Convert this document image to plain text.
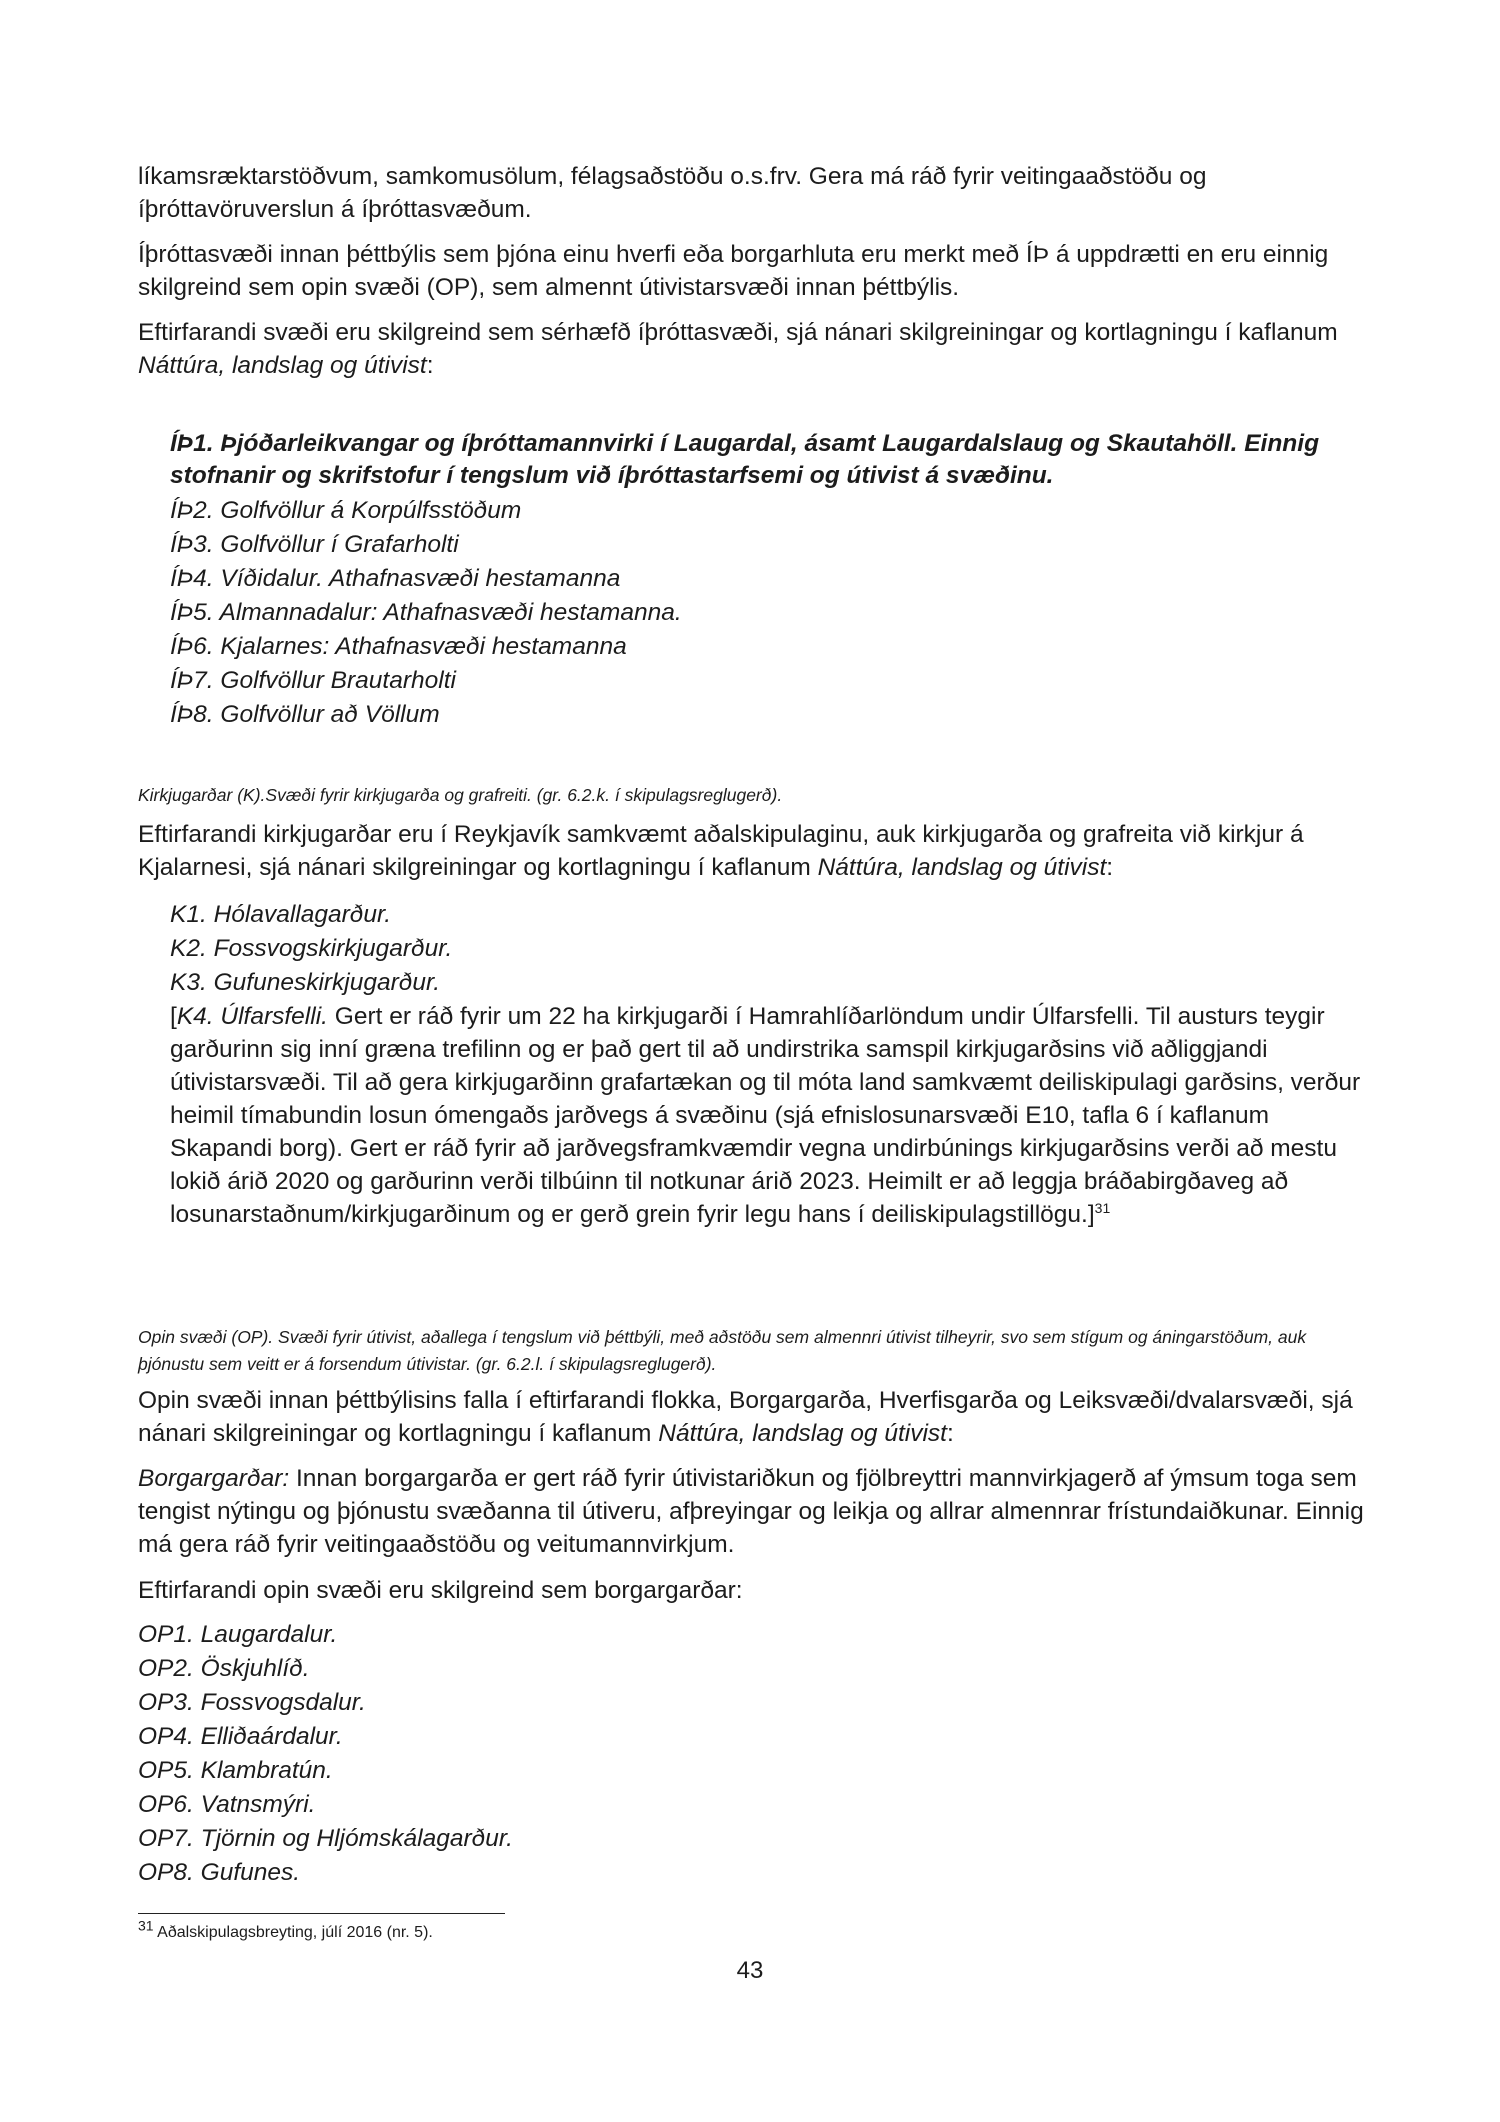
líkamsræktarstöðvum, samkomusölum, félagsaðstöðu o.s.frv. Gera má ráð fyrir veitingaaðstöðu og íþróttavöruverslun á íþróttasvæðum.

Íþróttasvæði innan þéttbýlis sem þjóna einu hverfi eða borgarhluta eru merkt með ÍÞ á uppdrætti en eru einnig skilgreind sem opin svæði (OP), sem almennt útivistarsvæði innan þéttbýlis.

Eftirfarandi svæði eru skilgreind sem sérhæfð íþróttasvæði, sjá nánari skilgreiningar og kortlagningu í kaflanum Náttúra, landslag og útivist:

ÍÞ1. Þjóðarleikvangar og íþróttamannvirki í Laugardal, ásamt Laugardalslaug og Skautahöll. Einnig stofnanir og skrifstofur í tengslum við íþróttastarfsemi og útivist á svæðinu.

ÍÞ2. Golfvöllur á Korpúlfsstöðum
ÍÞ3. Golfvöllur í Grafarholti
ÍÞ4. Víðidalur. Athafnasvæði hestamanna
ÍÞ5. Almannadalur: Athafnasvæði hestamanna.
ÍÞ6. Kjalarnes: Athafnasvæði hestamanna
ÍÞ7. Golfvöllur Brautarholti
ÍÞ8. Golfvöllur að Völlum

Kirkjugarðar (K).Svæði fyrir kirkjugarða og grafreiti. (gr. 6.2.k. í skipulagsreglugerð).

Eftirfarandi kirkjugarðar eru í Reykjavík samkvæmt aðalskipulaginu, auk kirkjugarða og grafreita við kirkjur á Kjalarnesi, sjá nánari skilgreiningar og kortlagningu í kaflanum Náttúra, landslag og útivist:

K1. Hólavallagarður.
K2. Fossvogskirkjugarður.
K3. Gufuneskirkjugarður.

[K4. Úlfarsfelli. Gert er ráð fyrir um 22 ha kirkjugarði í Hamrahlíðarlöndum undir Úlfarsfelli. Til austurs teygir garðurinn sig inní græna trefilinn og er það gert til að undirstrika samspil kirkjugarðsins við aðliggjandi útivistarsvæði. Til að gera kirkjugarðinn grafartækan og til móta land samkvæmt deiliskipulagi garðsins, verður heimil tímabundin losun ómengaðs jarðvegs á svæðinu (sjá efnislosunarsvæði E10, tafla 6 í kaflanum Skapandi borg). Gert er ráð fyrir að jarðvegsframkvæmdir vegna undirbúnings kirkjugarðsins verði að mestu lokið árið 2020 og garðurinn verði tilbúinn til notkunar árið 2023. Heimilt er að leggja bráðabirgðaveg að losunarstaðnum/kirkjugarðinum og er gerð grein fyrir legu hans í deiliskipulagstillögu.]$^{31}$

Opin svæði (OP). Svæði fyrir útivist, aðallega í tengslum við þéttbýli, með aðstöðu sem almennri útivist tilheyrir, svo sem stígum og áningarstöðum, auk þjónustu sem veitt er á forsendum útivistar. (gr. 6.2.l. í skipulagsreglugerð).

Opin svæði innan þéttbýlisins falla í eftirfarandi flokka, Borgargarða, Hverfisgarða og Leiksvæði/dvalarsvæði, sjá nánari skilgreiningar og kortlagningu í kaflanum Náttúra, landslag og útivist:

Borgargarðar: Innan borgargarða er gert ráð fyrir útivistariðkun og fjölbreyttri mannvirkjagerð af ýmsum toga sem tengist nýtingu og þjónustu svæðanna til útiveru, afþreyingar og leikja og allrar almennrar frístundaiðkunar. Einnig má gera ráð fyrir veitingaaðstöðu og veitumannvirkjum.

Eftirfarandi opin svæði eru skilgreind sem borgargarðar:

OP1. Laugardalur.
OP2. Öskjuhlíð.
OP3. Fossvogsdalur.
OP4. Elliðaárdalur.
OP5. Klambratún.
OP6. Vatnsmýri.
OP7. Tjörnin og Hljómskálagarður.
OP8. Gufunes.

$^{31}$ Aðalskipulagsbreyting, júlí 2016 (nr. 5).

43
